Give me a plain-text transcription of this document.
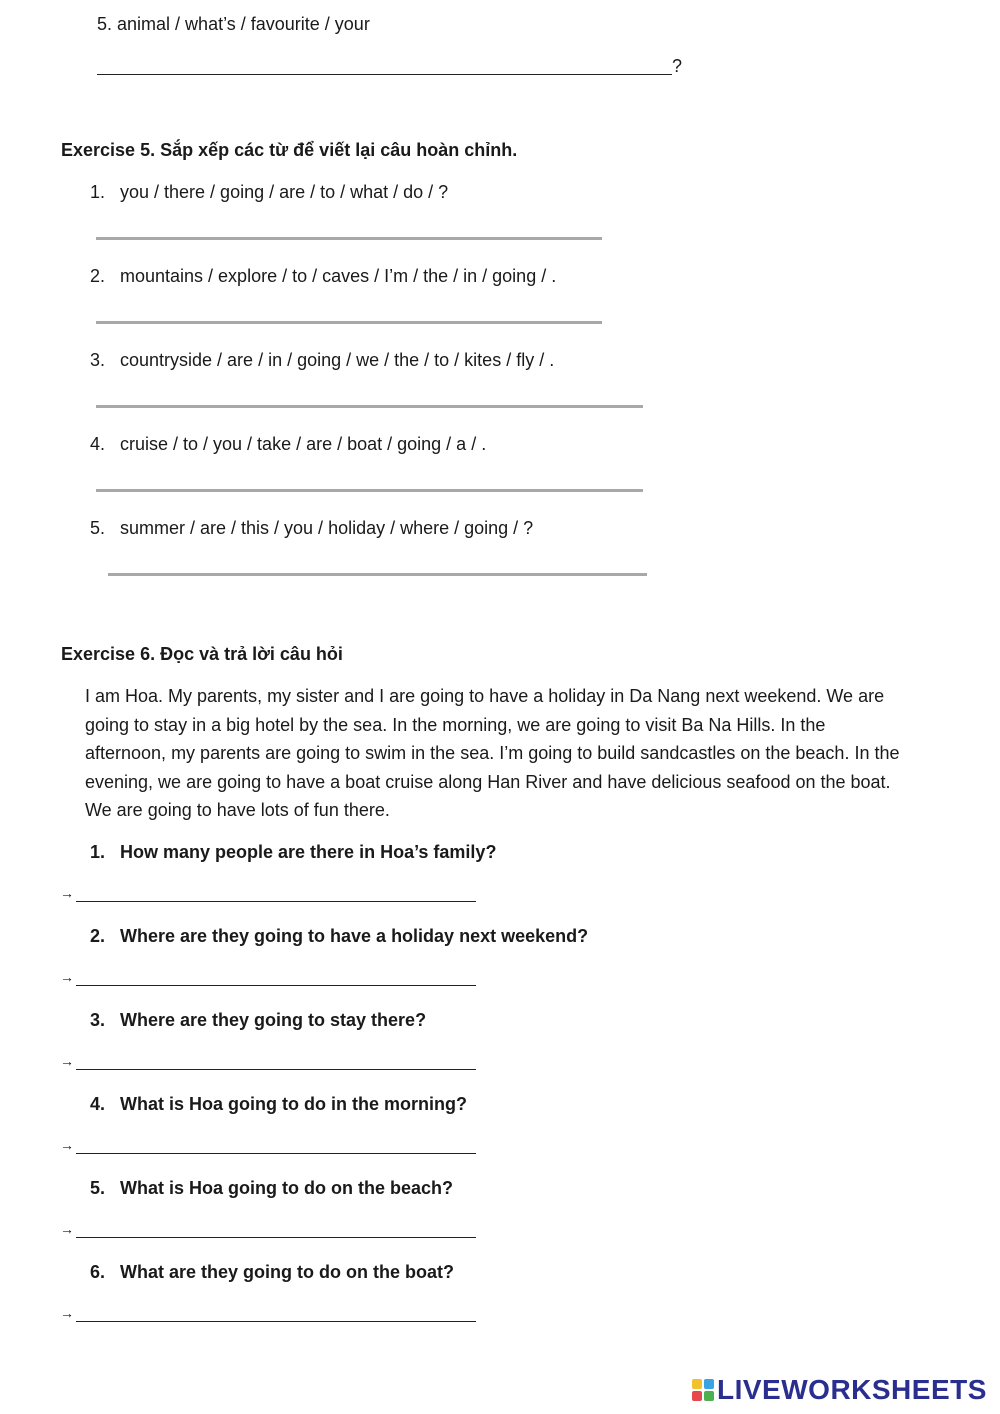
5. animal / what’s / favourite / your
?
Exercise 5. Sắp xếp các từ để viết lại câu hoàn chỉnh.
1. you / there / going / are / to / what / do / ?
2. mountains / explore / to / caves / I’m / the / in / going / .
3. countryside / are / in / going / we / the / to / kites / fly / .
4. cruise / to / you / take / are / boat / going / a / .
5. summer / are / this / you / holiday / where / going / ?
Exercise 6. Đọc và trả lời câu hỏi
I am Hoa. My parents, my sister and I are going to have a holiday in Da Nang next weekend. We are going to stay in a big hotel by the sea. In the morning, we are going to visit Ba Na Hills. In the afternoon, my parents are going to swim in the sea. I’m going to build sandcastles on the beach. In the evening, we are going to have a boat cruise along Han River and have delicious seafood on the boat. We are going to have lots of fun there.
1. How many people are there in Hoa’s family?
→
2. Where are they going to have a holiday next weekend?
→
3. Where are they going to stay there?
→
4. What is Hoa going to do in the morning?
→
5. What is Hoa going to do on the beach?
→
6. What are they going to do on the boat?
→
LIVEWORKSHEETS
